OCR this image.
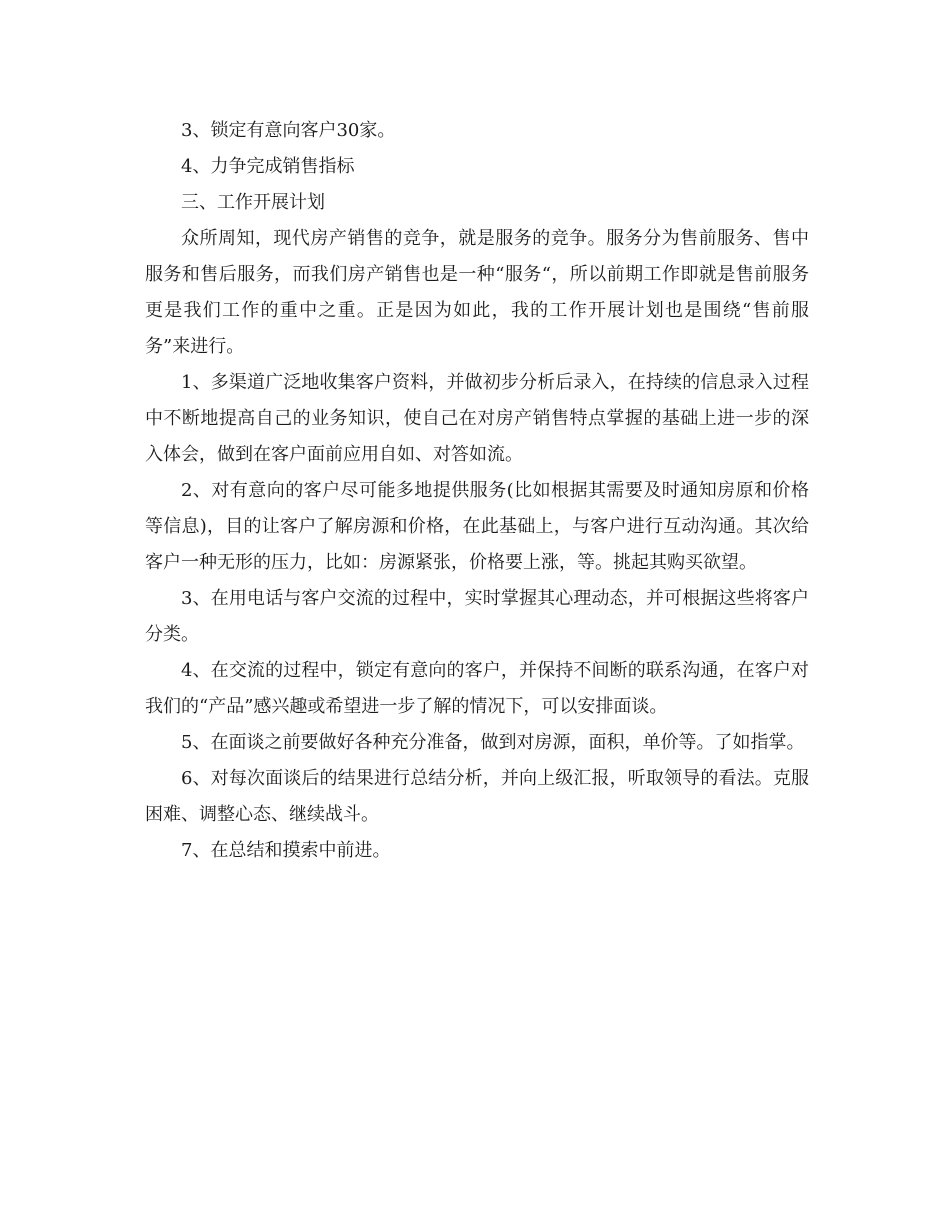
3、锁定有意向客户30家。

4、力争完成销售指标

三、工作开展计划

众所周知，现代房产销售的竞争，就是服务的竞争。服务分为售前服务、售中服务和售后服务，而我们房产销售也是一种“服务“，所以前期工作即就是售前服务更是我们工作的重中之重。正是因为如此，我的工作开展计划也是围绕“售前服务”来进行。

1、多渠道广泛地收集客户资料，并做初步分析后录入，在持续的信息录入过程中不断地提高自己的业务知识，使自己在对房产销售特点掌握的基础上进一步的深入体会，做到在客户面前应用自如、对答如流。

2、对有意向的客户尽可能多地提供服务(比如根据其需要及时通知房原和价格等信息)，目的让客户了解房源和价格，在此基础上，与客户进行互动沟通。其次给客户一种无形的压力，比如：房源紧张，价格要上涨，等。挑起其购买欲望。

3、在用电话与客户交流的过程中，实时掌握其心理动态，并可根据这些将客户分类。

4、在交流的过程中，锁定有意向的客户，并保持不间断的联系沟通，在客户对我们的“产品”感兴趣或希望进一步了解的情况下，可以安排面谈。

5、在面谈之前要做好各种充分准备，做到对房源，面积，单价等。了如指掌。

6、对每次面谈后的结果进行总结分析，并向上级汇报，听取领导的看法。克服困难、调整心态、继续战斗。

7、在总结和摸索中前进。
